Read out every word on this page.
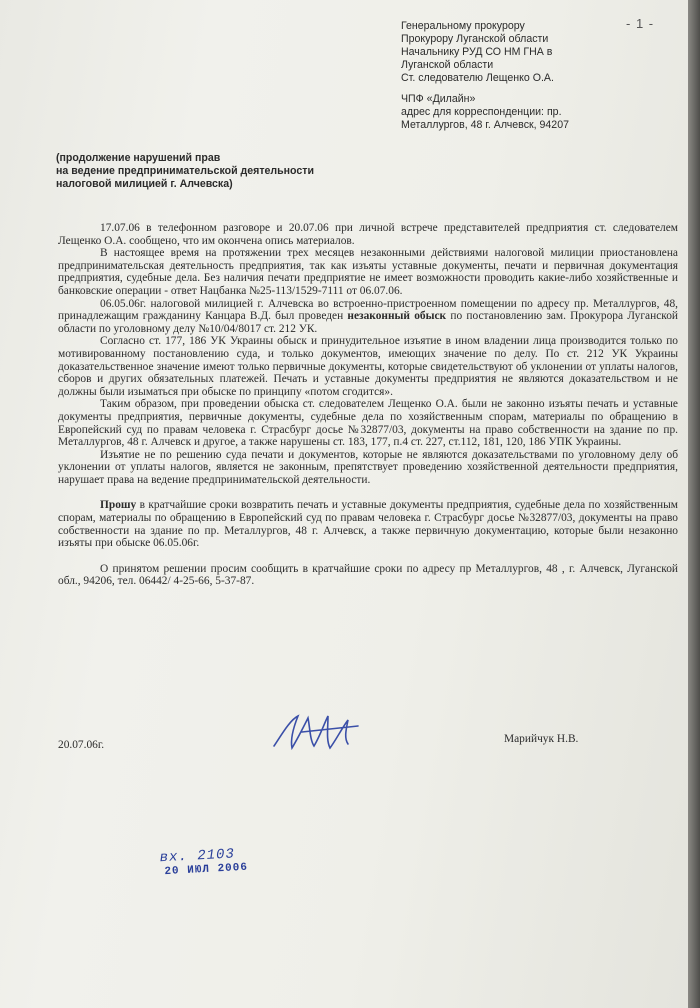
- 1 -
Генеральному прокурору
Прокурору Луганской области
Начальнику РУД СО НМ ГНА в
Луганской области
Ст. следователю Лещенко О.А.
ЧПФ «Дилайн»
адрес для корреспонденции: пр.
Металлургов, 48 г. Алчевск, 94207
(продолжение нарушений прав
на ведение предпринимательской деятельности
налоговой милицией г. Алчевска)

17.07.06 в телефонном разговоре и 20.07.06 при личной встрече представителей предприятия ст. следователем Лещенко О.А. сообщено, что им окончена опись материалов.

В настоящее время на протяжении трех месяцев незаконными действиями налоговой милиции приостановлена предпринимательская деятельность предприятия, так как изъяты уставные документы, печати и первичная документация предприятия, судебные дела. Без наличия печати предприятие не имеет возможности проводить какие-либо хозяйственные и банковские операции - ответ Нацбанка №25-113/1529-7111 от 06.07.06.

06.05.06г. налоговой милицией г. Алчевска во встроенно-пристроенном помещении по адресу пр. Металлургов, 48, принадлежащим гражданину Канцара В.Д. был проведен незаконный обыск по постановлению зам. Прокурора Луганской области по уголовному делу №10/04/8017 ст. 212 УК.

Согласно ст. 177, 186 УК Украины обыск и принудительное изъятие в ином владении лица производится только по мотивированному постановлению суда, и только документов, имеющих значение по делу. По ст. 212 УК Украины доказательственное значение имеют только первичные документы, которые свидетельствуют об уклонении от уплаты налогов, сборов и других обязательных платежей. Печать и уставные документы предприятия не являются доказательством и не должны были изыматься при обыске по принципу «потом сгодится».

Таким образом, при проведении обыска ст. следователем Лещенко О.А. были не законно изъяты печать и уставные документы предприятия, первичные документы, судебные дела по хозяйственным спорам, материалы по обращению в Европейский суд по правам человека г. Страсбург досье №32877/03, документы на право собственности на здание по пр. Металлургов, 48 г. Алчевск и другое, а также нарушены ст. 183, 177, п.4 ст. 227, ст.112, 181, 120, 186 УПК Украины.

Изъятие не по решению суда печати и документов, которые не являются доказательствами по уголовному делу об уклонении от уплаты налогов, является не законным, препятствует проведению хозяйственной деятельности предприятия, нарушает права на ведение предпринимательской деятельности.

Прошу в кратчайшие сроки возвратить печать и уставные документы предприятия, судебные дела по хозяйственным спорам, материалы по обращению в Европейский суд по правам человека г. Страсбург досье №32877/03, документы на право собственности на здание по пр. Металлургов, 48 г. Алчевск, а также первичную документацию, которые были незаконно изъяты при обыске 06.05.06г.

О принятом решении просим сообщить в кратчайшие сроки по адресу пр Металлургов, 48 , г. Алчевск, Луганской обл., 94206, тел. 06442/ 4-25-66, 5-37-87.

20.07.06г.	Марийчук Н.В.
вх. 2103
20 ИЮЛ 2006
